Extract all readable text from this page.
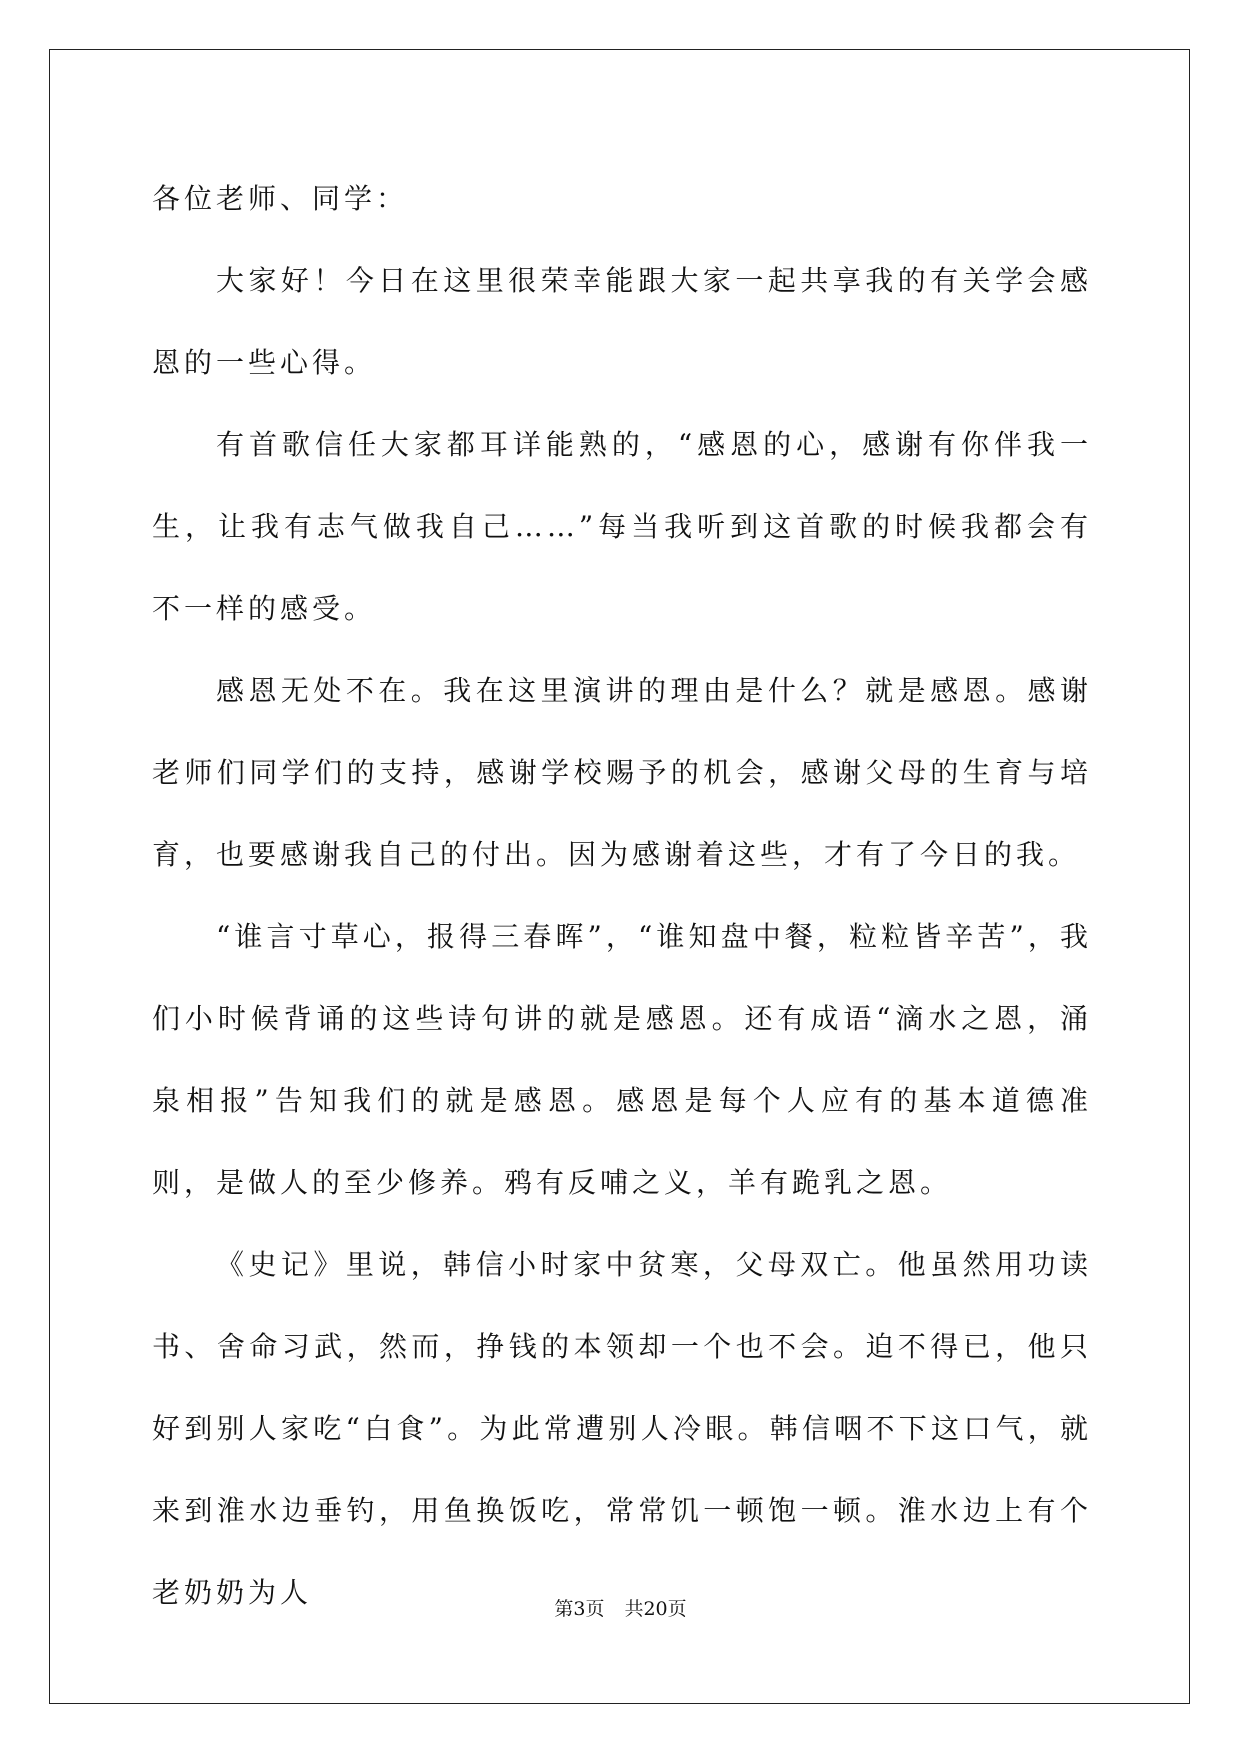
各位老师、同学：

大家好！今日在这里很荣幸能跟大家一起共享我的有关学会感恩的一些心得。

有首歌信任大家都耳详能熟的，“感恩的心，感谢有你伴我一生，让我有志气做我自己……”每当我听到这首歌的时候我都会有不一样的感受。

感恩无处不在。我在这里演讲的理由是什么？就是感恩。感谢老师们同学们的支持，感谢学校赐予的机会，感谢父母的生育与培育，也要感谢我自己的付出。因为感谢着这些，才有了今日的我。

“谁言寸草心，报得三春晖”，“谁知盘中餐，粒粒皆辛苦”，我们小时候背诵的这些诗句讲的就是感恩。还有成语“滴水之恩，涌泉相报”告知我们的就是感恩。感恩是每个人应有的基本道德准则，是做人的至少修养。鸦有反哺之义，羊有跪乳之恩。

《史记》里说，韩信小时家中贫寒，父母双亡。他虽然用功读书、舍命习武，然而，挣钱的本领却一个也不会。迫不得已，他只好到别人家吃“白食”。为此常遭别人冷眼。韩信咽不下这口气，就来到淮水边垂钓，用鱼换饭吃，常常饥一顿饱一顿。淮水边上有个老奶奶为人	第3页 共20页
